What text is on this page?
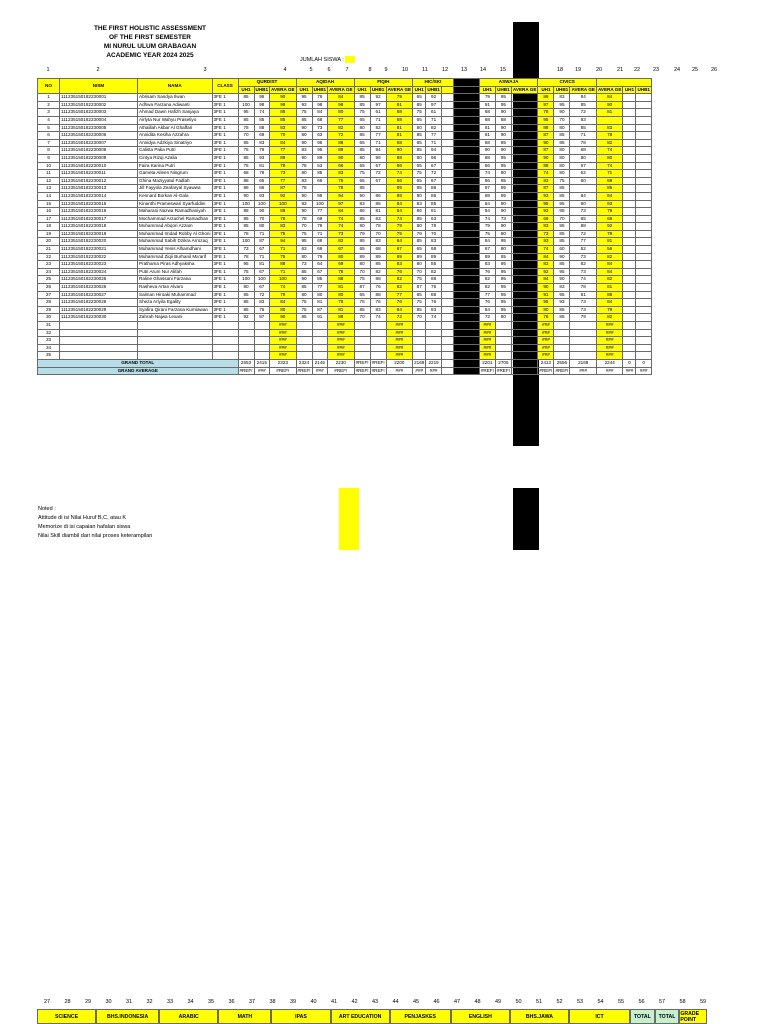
THE FIRST HOLISTIC ASSESSMENT
OF THE FIRST SEMESTER
MI NURUL ULUM GRABAGAN
ACADEMIC YEAR 2024 2025
JUMLAH SISWA :
1	2	3	4	5	6	7	8	9	10	11	12	13	14	15	18	19	20	21	22	23	24	25	26
NO	NISM	NAMA	CLASS	QURDIST			AQIDAH			FIQIH			HIC/SKI				ASWAJA			CIVICS					
				UH1	UHB1	AVERA GE	UH1	UHB1	AVERA GE	UH1	UHB1	AVERA GE	UH1	UHB1			UH1	UHB1	AVERA GE	UH1	UHB1	AVERA GE	AVERA GE	UH1	UHB1
1	111235150182230001	Abrisam Sandya Ilwan	3FE 1	85	95	90	95	76	84	85	92	79	65	92			79	95	83	89	83	84	84		
2	111235150182230002	Adhwa Farzana Adiwanti	3FE 1	100	98	99	93	98	96	85	97	91	85	97			91	95	99	97	95	85	90		
3	111235150182230003	Ahmad Dawn Hafizh Sanjaya	3FE 1	95	74	85	75	84	80	75	61	68	75	61			68	90	68	78	90	72	81		
4	111235150182230004	Airlyta Nur Wahyu Prasetiyo	3FE 1	85	85	85	85	68	77	65	71	68	65	71			68	88	92	95	70	83			
5	111235150182230005	Athaillah Akbar Al Ghaffari	3FE 1	78	88	83	90	73	82	80	82	81	80	82			81	90	85	88	80	85	83		
6	111235150182230006	Annidita Kesiha Azzahra	3FE 1	70	69	70	80	63	72	85	77	81	85	77			81	90	83	87	85	71	78		
7	111235150182230007	Annidya Adzkiya Sinatriyo	3FE 1	85	83	84	90	96	88	65	71	68	65	71			68	85	95	90	85	78	82		
8	111235150182230008	Calista Paka Putri	3FE 1	75	79	77	83	95	89	85	94	90	85	94			90	90	83	87	80	68	74		
9	111235150182230009	Cintya Rizqi Azalia	3FE 1	85	93	89	90	89	90	80	96	88	80	96			88	95	85	90	80	80	80		
10	111235150182230010	Faira Karina Putri	3FE 1	75	81	78	78	53	66	65	67	66	65	67			66	95	81	88	80	67	74		
11	111235150182230011	Gameta Aileen Ningrum	3FE 1	68	78	73	80	85	83	75	72	74	75	72			74	80	67	74	80	62	71		
12	111235150182230012	Ghina Maziyyatul Fadlah	3FE 1	88	65	77	83	66	75	65	67	66	65	67			66	85	80	83	75	60	68		
13	111235150182230013	Jill Fayyola Zeafaryal Syawwa	3FE 1	88	86	87	78		78	85		85	85	88			87	95	78	87	85		85		
14	111235150182230014	Kennard Borkan Al-Gala	3FE 1	90	93	92	90	98	94	90	86	88	90	86			88	95	90	93	85	84	84		
15	111235150182230015	Kinanthi Prameswari Syarfuddini	3FE 1	100	100	100	93	100	97	83	85	84	83	85			84	90	100	95	95	90	93		
16	111235150182230016	Maharani Nazwa Ramadhaniyah	3FE 1	88	90	89	90	77	84	86	81	84	86	81			84	90	95	93	85	73	79		
17	111235150182230017	Mochammad Arzachel Ramadhan	3FE 1	85	70	78	78	69	74	85	63	74	85	63			74	73	63	69	70	65	68		
18	111235150182230018	Muhammad Abqori Azzam	3FE 1	85	80	83	70	78	74	80	78	79	80	78			79	90	76	83	95	88	92		
19	111235150182230019	Muhammad Imdad Robby Al Ghoni	3FE 1	78	71	75	75	71	73	79	70	75	79	70			75	80	66	73	85	72	79		
20	111235150182230020	Muhammad Sabih Dzikra Arrozaq	3FE 1	100	87	94	95	68	82	85	83	84	85	83			84	95	88	93	85	77	81		
21	111235150182230021	Muhammad Yenis Alhamdhani	3FE 1	73	67	71	63	69	67	65	68	67	65	68			67	80	68	74	60	52	56		
22	111235150182230022	Muhammad Ziqii Burhanil Ma'arif	3FE 1	78	71	75	80	79	80	89	89	89	89	89			89	85	83	84	90	73	82		
23	111235150182230023	Prathama Piras Adhyaksha	3FE 1	95	81	88	73	64	69	80	85	83	80	85			83	95	70	83	85	82	84		
24	111235150182230024	Putri Arum Nur Alifah	3FE 1	75	67	71	85	67	76	70	82	76	70	82			76	95	88	92	95	73	84		
25	111235150182230025	Raline Ghassani Farzana	3FE 1	100	100	100	90	85	88	75	88	82	75	88			82	95	73	84	90	74	82		
26	111235150182230026	Rasheva Artan Alvaro	3FE 1	80	67	74	85	77	81	87	76	82	87	76			82	95	84	90	83	78	81		
27	111235150182230027	Salman Hiroaki Muhammad	3FE 1	85	72	79	80	80	80	65	88	77	65	88			77	95	88	91	95	81	88		
28	111235150182230028	Sheza Ariyila Egality	3FE 1	85	83	84	75	81	78	75	76	76	75	76			76	95	95	95	93	73	84		
29	111235150182230029	Syafira Qirani Farzana Kurniawan	3FE 1	85	75	80	75	87	81	85	83	84	85	83			84	95	64	80	85	73	79		
30	111235150182230030	Zahrah Najwa Lexani	3FE 1	92	87	90	85	91	88	70	74	72	70	74			72	80	71	76	85	79	82		
31						###			###			###					###			###			###		
32						###			###			###					###			###			###		
33						###			###			###					###			###			###		
34						###			###			###					###			###			###		
35						###			###			###					###			###			###		
GRAND TOTAL				2553	2415	2323	2324	2145	2230	#REF!	#REF!	2200	2169	2219			2201	2705	2433	2413	2556	2168	2244	0	0
GRAND AVERAGE				#REF!	###	#REF!	#REF!	###	#REF!	#REF!	#REF!	###	###	###			#REF!	#REF!	#REF!	#REF!	#REF!	###	###	###	###
Noted :
Attitude di isi Nilai Huruf B,C, atau K
Memorize di isi capaian hafalan siswa
Nilai Skill diambil dari nilai proses keterampilan
27	28	29	30	31	32	33	34	35	36	37	38	39	40	41	42	43	44	45	46	47	48	49	50	51	52	53	54	55	56	57	58	59
SCIENCE	BHS.INDONESIA	ARABIC	MATH	IPAS	ART EDUCATION	PENJASKES	ENGLISH	BHS.JAWA	ICT	TOTAL	TOTAL GRADE POINT
